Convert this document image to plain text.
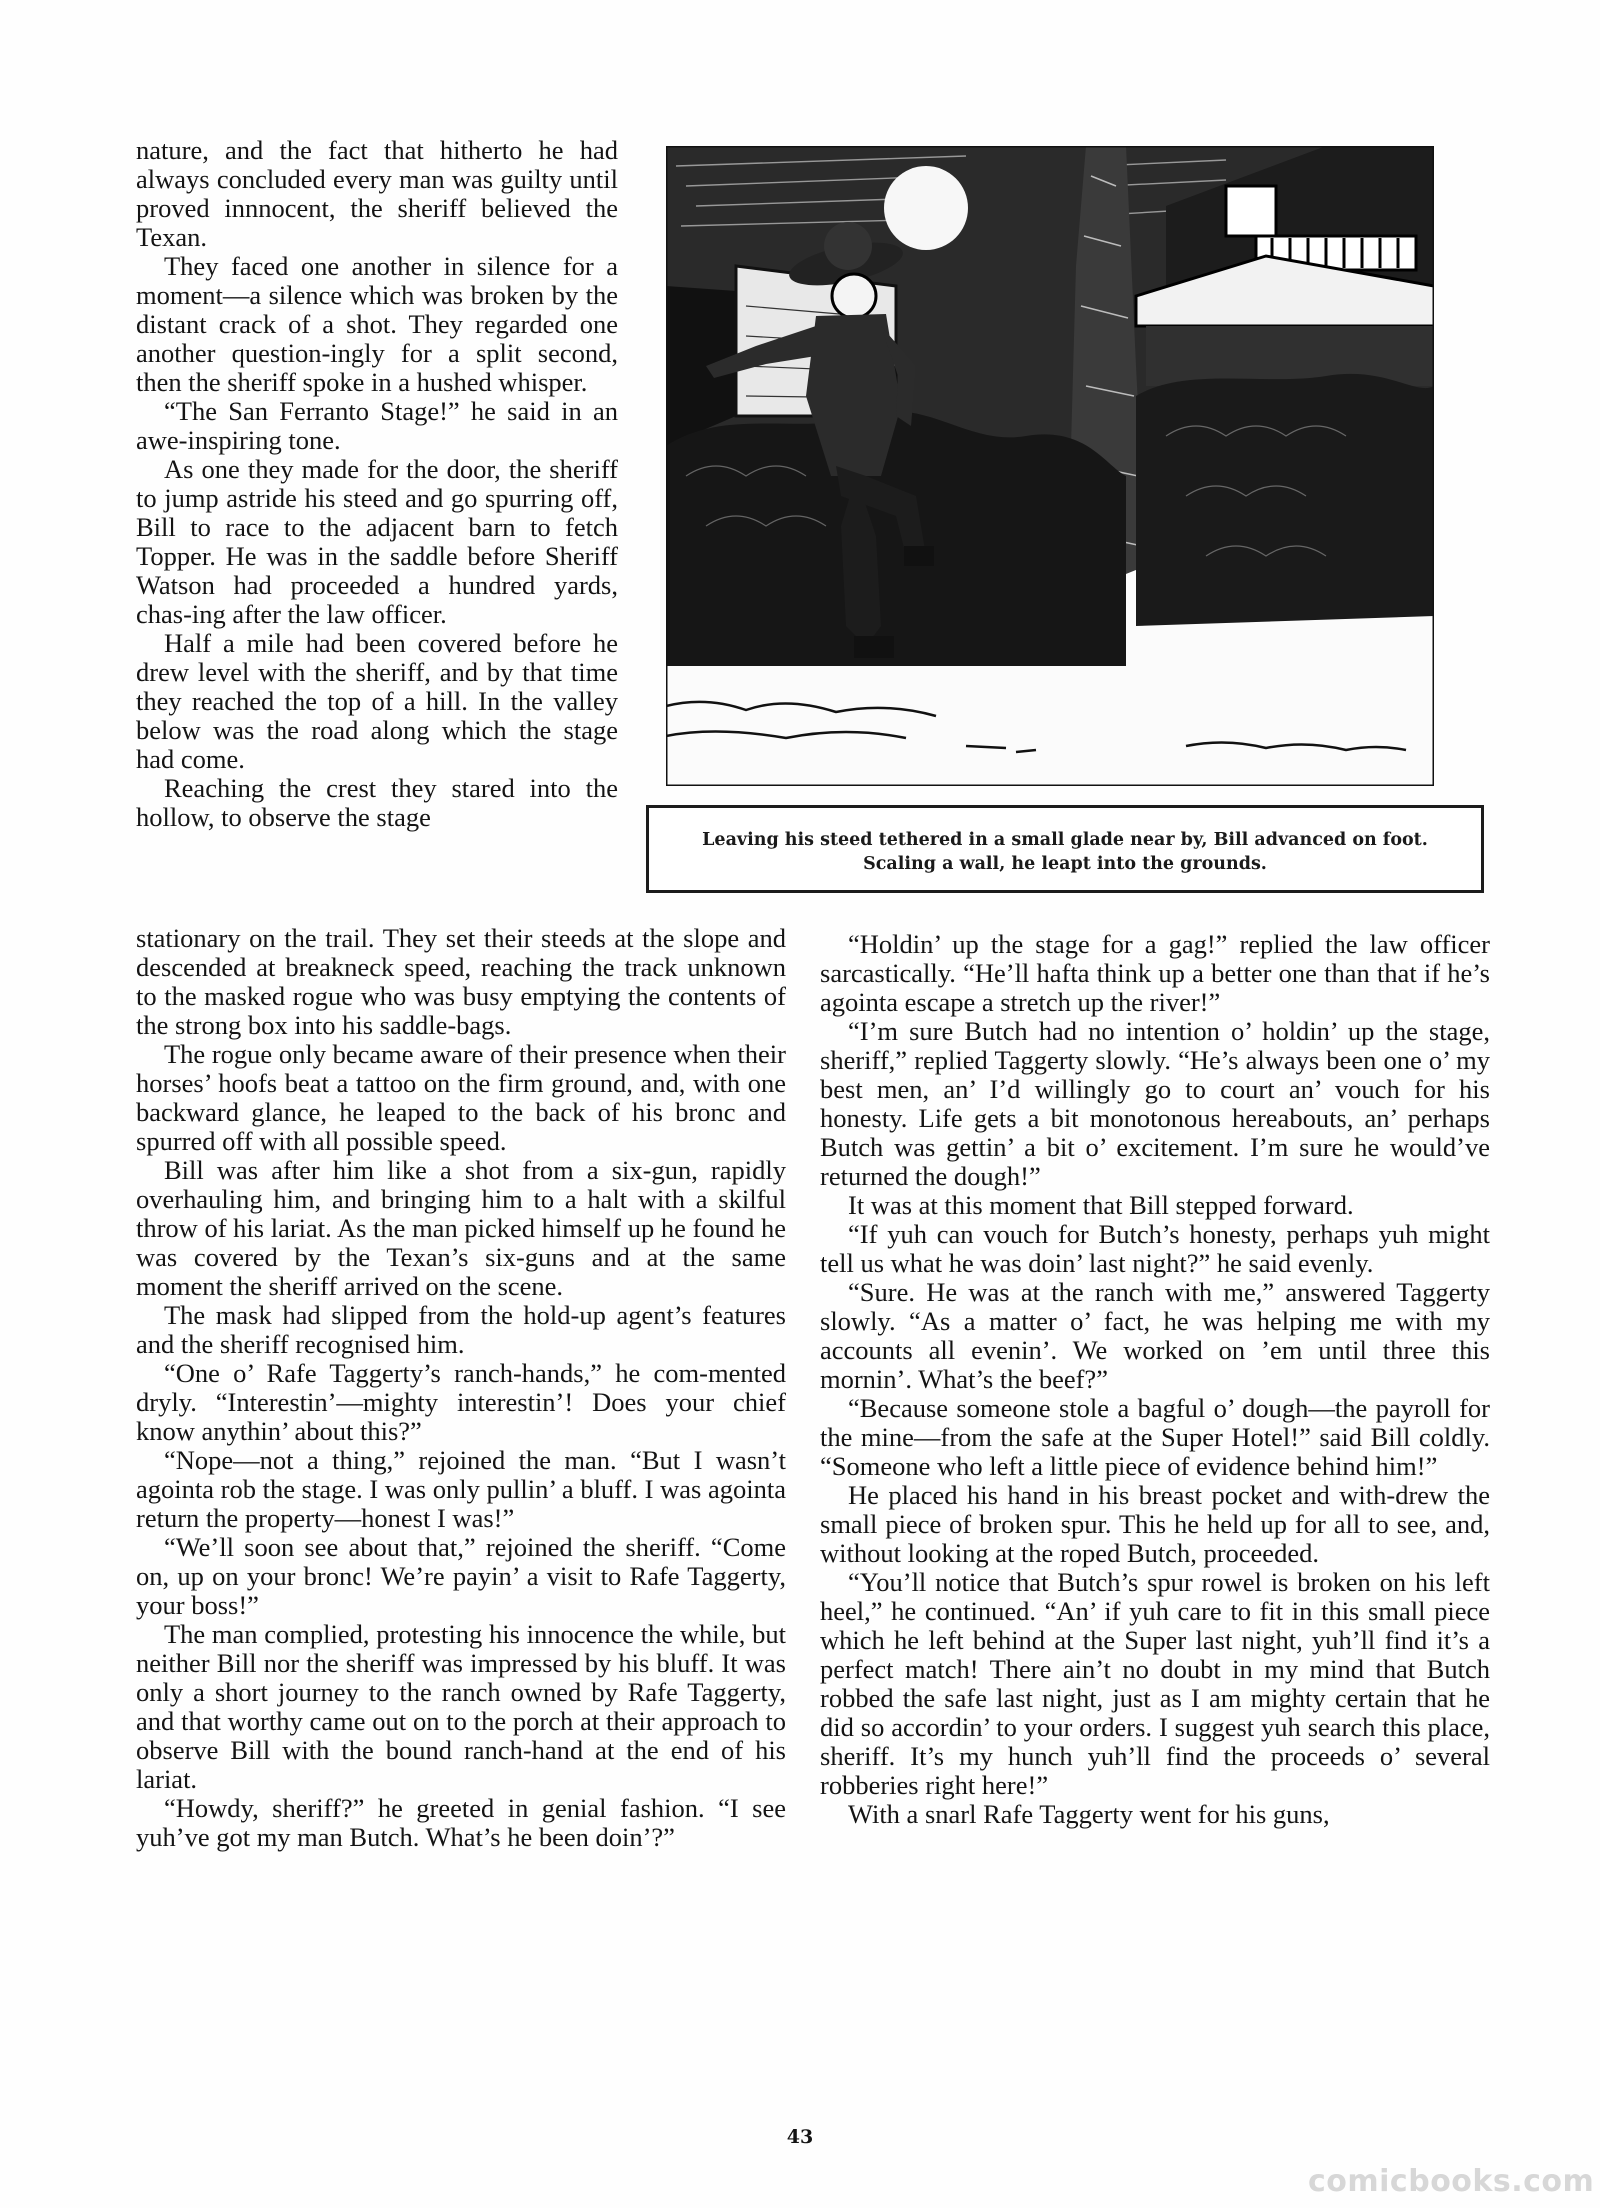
nature, and the fact that hitherto he had always concluded every man was guilty until proved innnocent, the sheriff believed the Texan.

They faced one another in silence for a moment—a silence which was broken by the distant crack of a shot. They regarded one another question-ingly for a split second, then the sheriff spoke in a hushed whisper.

“The San Ferranto Stage!” he said in an awe-inspiring tone.

As one they made for the door, the sheriff to jump astride his steed and go spurring off, Bill to race to the adjacent barn to fetch Topper. He was in the saddle before Sheriff Watson had proceeded a hundred yards, chas-ing after the law officer.

Half a mile had been covered before he drew level with the sheriff, and by that time they reached the top of a hill. In the valley below was the road along which the stage had come.

Reaching the crest they stared into the hollow, to observe the stage

Leaving his steed tethered in a small glade near by, Bill advanced on foot.
Scaling a wall, he leapt into the grounds.

stationary on the trail. They set their steeds at the slope and descended at breakneck speed, reaching the track unknown to the masked rogue who was busy emptying the contents of the strong box into his saddle-bags.

The rogue only became aware of their presence when their horses’ hoofs beat a tattoo on the firm ground, and, with one backward glance, he leaped to the back of his bronc and spurred off with all possible speed.

Bill was after him like a shot from a six-gun, rapidly overhauling him, and bringing him to a halt with a skilful throw of his lariat. As the man picked himself up he found he was covered by the Texan’s six-guns and at the same moment the sheriff arrived on the scene.

The mask had slipped from the hold-up agent’s features and the sheriff recognised him.

“One o’ Rafe Taggerty’s ranch-hands,” he com-mented dryly. “Interestin’—mighty interestin’! Does your chief know anythin’ about this?”

“Nope—not a thing,” rejoined the man. “But I wasn’t agointa rob the stage. I was only pullin’ a bluff. I was agointa return the property—honest I was!”

“We’ll soon see about that,” rejoined the sheriff. “Come on, up on your bronc! We’re payin’ a visit to Rafe Taggerty, your boss!”

The man complied, protesting his innocence the while, but neither Bill nor the sheriff was impressed by his bluff. It was only a short journey to the ranch owned by Rafe Taggerty, and that worthy came out on to the porch at their approach to observe Bill with the bound ranch-hand at the end of his lariat.

“Howdy, sheriff?” he greeted in genial fashion. “I see yuh’ve got my man Butch. What’s he been doin’?”

“Holdin’ up the stage for a gag!” replied the law officer sarcastically. “He’ll hafta think up a better one than that if he’s agointa escape a stretch up the river!”

“I’m sure Butch had no intention o’ holdin’ up the stage, sheriff,” replied Taggerty slowly. “He’s always been one o’ my best men, an’ I’d willingly go to court an’ vouch for his honesty. Life gets a bit monotonous hereabouts, an’ perhaps Butch was gettin’ a bit o’ excitement. I’m sure he would’ve returned the dough!”

It was at this moment that Bill stepped forward.

“If yuh can vouch for Butch’s honesty, perhaps yuh might tell us what he was doin’ last night?” he said evenly.

“Sure. He was at the ranch with me,” answered Taggerty slowly. “As a matter o’ fact, he was helping me with my accounts all evenin’. We worked on ’em until three this mornin’. What’s the beef?”

“Because someone stole a bagful o’ dough—the payroll for the mine—from the safe at the Super Hotel!” said Bill coldly. “Someone who left a little piece of evidence behind him!”

He placed his hand in his breast pocket and with-drew the small piece of broken spur. This he held up for all to see, and, without looking at the roped Butch, proceeded.

“You’ll notice that Butch’s spur rowel is broken on his left heel,” he continued. “An’ if yuh care to fit in this small piece which he left behind at the Super last night, yuh’ll find it’s a perfect match! There ain’t no doubt in my mind that Butch robbed the safe last night, just as I am mighty certain that he did so accordin’ to your orders. I suggest yuh search this place, sheriff. It’s my hunch yuh’ll find the proceeds o’ several robberies right here!”

With a snarl Rafe Taggerty went for his guns,

43
comicbooks.com
